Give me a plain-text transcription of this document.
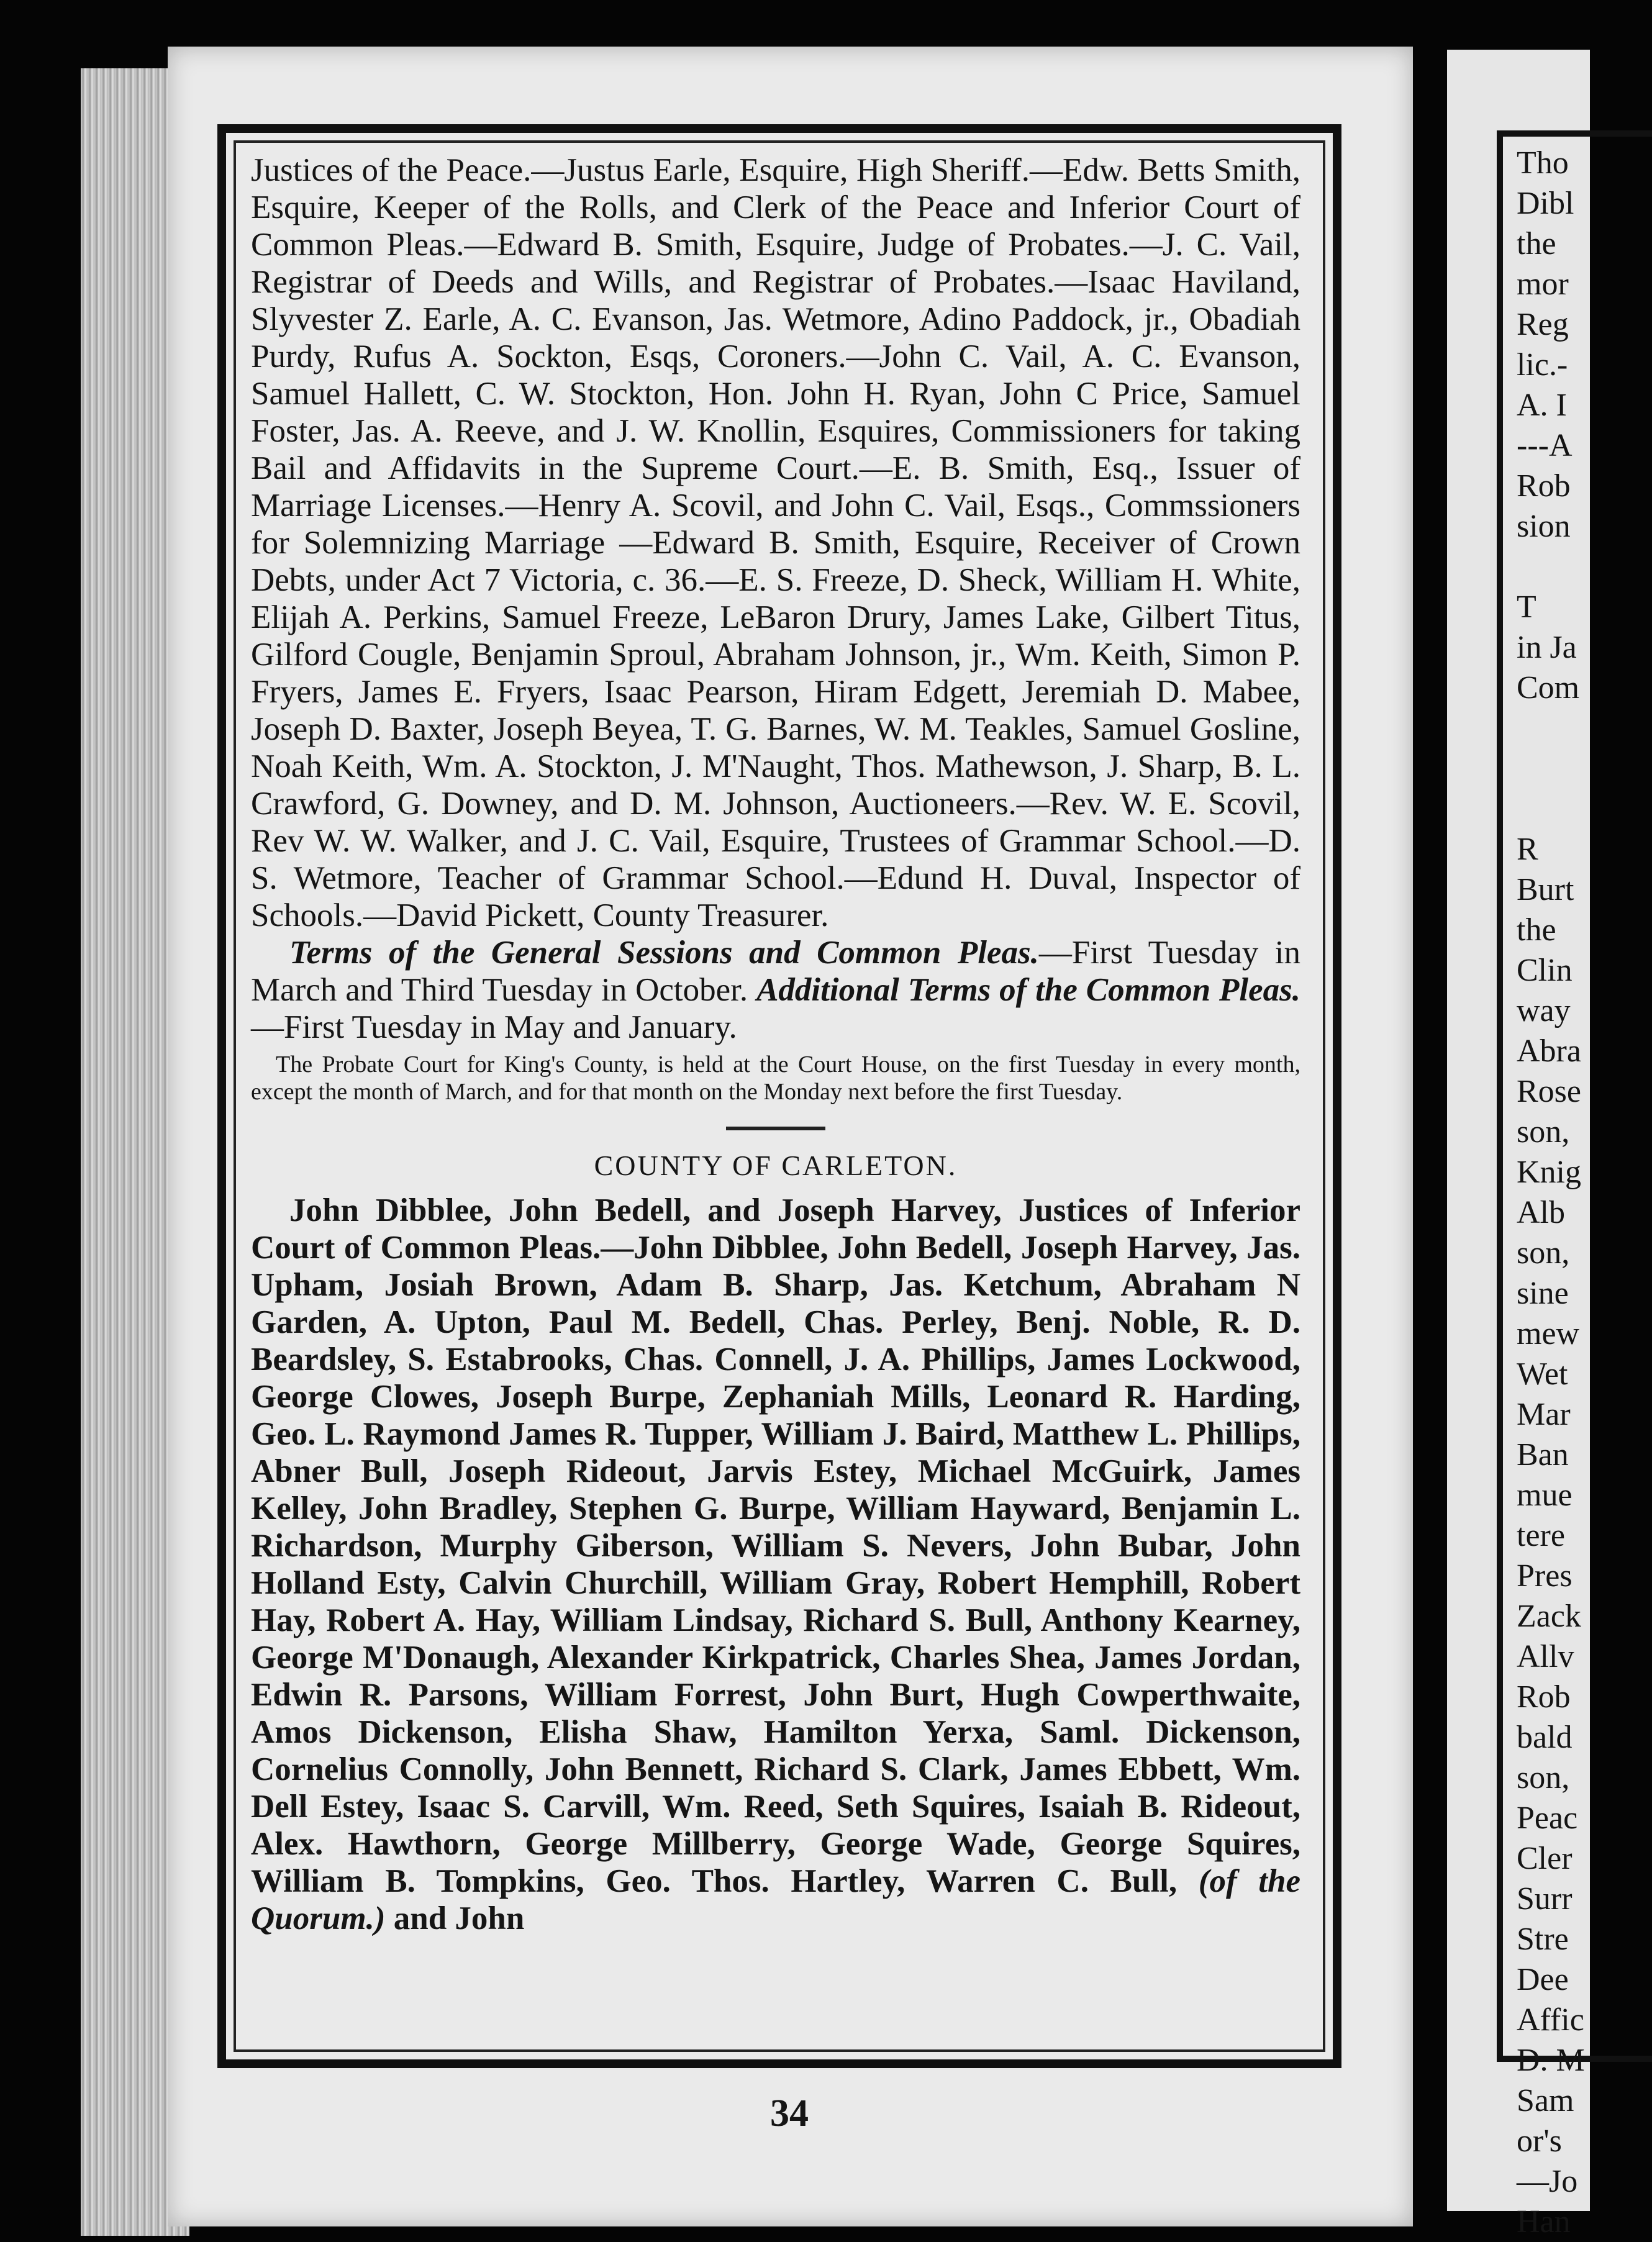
Tho
Dibl
the
mor
Reg
lic.-
A. I
---A
Rob
sion
T
in Ja
Com
R
Burt
the
Clin
way
Abra
Rose
son,
Knig
Alb
son,
sine
mew
Wet
Mar
Ban
mue
tere
Pres
Zack
Allv
Rob
bald
son,
Peac
Cler
Surr
Stre
Dee
Affic
D. M
Sam
or's
—Jo
Han

Justices of the Peace.—Justus Earle, Esquire, High Sheriff.—Edw. Betts Smith, Esquire, Keeper of the Rolls, and Clerk of the Peace and Inferior Court of Common Pleas.—Edward B. Smith, Esquire, Judge of Probates.—J. C. Vail, Registrar of Deeds and Wills, and Registrar of Probates.—Isaac Haviland, Slyvester Z. Earle, A. C. Evanson, Jas. Wetmore, Adino Paddock, jr., Obadiah Purdy, Rufus A. Sockton, Esqs, Coroners.—John C. Vail, A. C. Evanson, Samuel Hallett, C. W. Stockton, Hon. John H. Ryan, John C Price, Samuel Foster, Jas. A. Reeve, and J. W. Knollin, Esquires, Commissioners for taking Bail and Affidavits in the Supreme Court.—E. B. Smith, Esq., Issuer of Marriage Licenses.—Henry A. Scovil, and John C. Vail, Esqs., Commssioners for Solemnizing Marriage —Edward B. Smith, Esquire, Receiver of Crown Debts, under Act 7 Victoria, c. 36.—E. S. Freeze, D. Sheck, William H. White, Elijah A. Perkins, Samuel Freeze, LeBaron Drury, James Lake, Gilbert Titus, Gilford Cougle, Benjamin Sproul, Abraham Johnson, jr., Wm. Keith, Simon P. Fryers, James E. Fryers, Isaac Pearson, Hiram Edgett, Jeremiah D. Mabee, Joseph D. Baxter, Joseph Beyea, T. G. Barnes, W. M. Teakles, Samuel Gosline, Noah Keith, Wm. A. Stockton, J. M'Naught, Thos. Mathewson, J. Sharp, B. L. Crawford, G. Downey, and D. M. Johnson, Auctioneers.—Rev. W. E. Scovil, Rev W. W. Walker, and J. C. Vail, Esquire, Trustees of Grammar School.—D. S. Wetmore, Teacher of Grammar School.—Edund H. Duval, Inspector of Schools.—David Pickett, County Treasurer.

Terms of the General Sessions and Common Pleas.—First Tuesday in March and Third Tuesday in October. Additional Terms of the Common Pleas.—First Tuesday in May and January.

The Probate Court for King's County, is held at the Court House, on the first Tuesday in every month, except the month of March, and for that month on the Monday next before the first Tuesday.

COUNTY OF CARLETON.

John Dibblee, John Bedell, and Joseph Harvey, Justices of Inferior Court of Common Pleas.—John Dibblee, John Bedell, Joseph Harvey, Jas. Upham, Josiah Brown, Adam B. Sharp, Jas. Ketchum, Abraham N Garden, A. Upton, Paul M. Bedell, Chas. Perley, Benj. Noble, R. D. Beardsley, S. Estabrooks, Chas. Connell, J. A. Phillips, James Lockwood, George Clowes, Joseph Burpe, Zephaniah Mills, Leonard R. Harding, Geo. L. Raymond James R. Tupper, William J. Baird, Matthew L. Phillips, Abner Bull, Joseph Rideout, Jarvis Estey, Michael McGuirk, James Kelley, John Bradley, Stephen G. Burpe, William Hayward, Benjamin L. Richardson, Murphy Giberson, William S. Nevers, John Bubar, John Holland Esty, Calvin Churchill, William Gray, Robert Hemphill, Robert Hay, Robert A. Hay, William Lindsay, Richard S. Bull, Anthony Kearney, George M'Donaugh, Alexander Kirkpatrick, Charles Shea, James Jordan, Edwin R. Parsons, William Forrest, John Burt, Hugh Cowperthwaite, Amos Dickenson, Elisha Shaw, Hamilton Yerxa, Saml. Dickenson, Cornelius Connolly, John Bennett, Richard S. Clark, James Ebbett, Wm. Dell Estey, Isaac S. Carvill, Wm. Reed, Seth Squires, Isaiah B. Rideout, Alex. Hawthorn, George Millberry, George Wade, George Squires, William B. Tompkins, Geo. Thos. Hartley, Warren C. Bull, (of the Quorum.) and John

34
